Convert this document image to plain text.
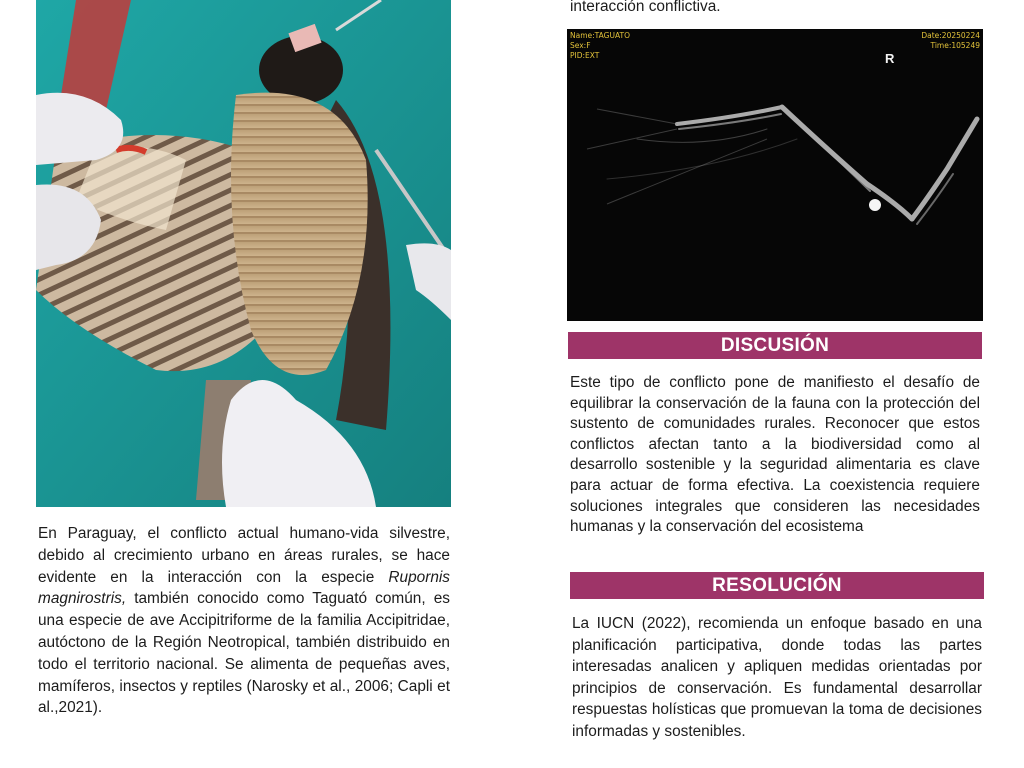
En Paraguay, el conflicto actual humano-vida silvestre, debido al crecimiento urbano en áreas rurales, se hace evidente en la interacción con la especie Rupornis magnirostris, también conocido como Taguató común, es una especie de ave Accipitriforme de la familia Accipitridae, autóctono de la Región Neotropical, también distribuido en todo el territorio nacional. Se alimenta de pequeñas aves, mamíferos, insectos y reptiles (Narosky et al., 2006; Capli et al.,2021).

interacción conflictiva.

Name:TAGUATO
Sex:F
PID:EXT
Date:20250224
Time:105249
R
DISCUSIÓN

Este tipo de conflicto pone de manifiesto el desafío de equilibrar la conservación de la fauna con la protección del sustento de comunidades rurales. Reconocer que estos conflictos afectan tanto a la biodiversidad como al desarrollo sostenible y la seguridad alimentaria es clave para actuar de forma efectiva. La coexistencia requiere soluciones integrales que consideren las necesidades humanas y la conservación del ecosistema

RESOLUCIÓN

La IUCN (2022), recomienda un enfoque basado en una planificación participativa, donde todas las partes interesadas analicen y apliquen medidas orientadas por principios de conservación. Es fundamental desarrollar respuestas holísticas que promuevan la toma de decisiones informadas y sostenibles.
